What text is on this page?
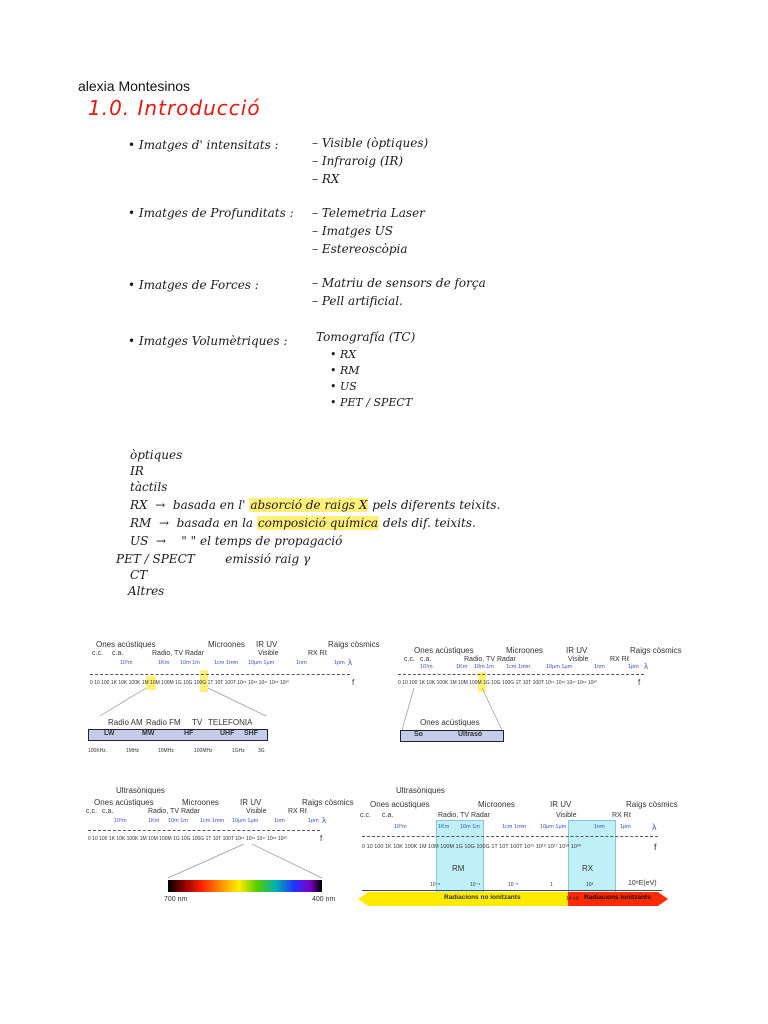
alexia Montesinos
1.0. Introducció
• Imatges d' intensitats :	– Visible (òptiques)
– Infraroig (IR)
– RX
• Imatges de Profunditats : – Telemetria Laser
– Imatges US
– Estereoscòpia
• Imatges de Forces :	– Matriu de sensors de força
– Pell artificial.
• Imatges Volumètriques : Tomografía (TC)
• RX
• RM
• US
• PET / SPECT
òptiques
IR
tàctils
RX  →  basada en l' absorció de raigs X pels diferents teixits.
RM  →  basada en la composició química dels dif. teixits.
US  →    " " el temps de propagació
PET / SPECT	emissió raig γ
CT
Altres
Ones acústiques	Microones IR UV	Raigs còsmics
c.c. c.a.	Radio, TV Radar	Visible	RX Rℓ
10²m	1Km 10m 1m	1cm 1mm 10μm 1μm	1nm	1pm λ
0 10 100 1K 10K 100K 1M 10M 100M 1G 10G 100G 1T 10T 100T 10¹⁵ 10¹⁶ 10¹⁷ 10¹⁸ 10²⁰	f
Radio AM Radio FM TV TELEFONIA
LW	MW	HF	UHF SHF
100KHz.	1MHz	10MHz	100MHz	1GHz	3G
Ones acústiques	Microones	IR UV	Raigs còsmics
c.c. c.a.	Radio, TV Radar	Visible	RX Rℓ
10²m	1Km 10m 1m 1cm 1mm	10μm 1μm	1nm	1pm λ
0 10 100 1K 10K 100K 1M 10M 100M 1G 10G 100G 1T 10T 100T 10¹⁵ 10¹⁶ 10¹⁷ 10¹⁸ 10²⁰	f
Ones acústiques
So	Ultrasò
Ultrasòniques
Ones acústiques	Microones	IR UV	Raigs còsmics
c.c. c.a.	Radio, TV Radar	Visible	RX Rℓ
10²m	1Km 10m 1m 1cm 1mm 10μm 1μm	1nm	1pm λ
0 10 100 1K 10K 100K 1M 10M 100M 1G 10G 100G 1T 10T 100T 10¹⁵ 10¹⁶ 10¹⁷ 10¹⁸ 10²⁰	f
700 nm	400 nm
Ultrasòniques
Ones acústiques	Microones	IR UV	Raigs còsmics
c.c. c.a.	Radio, TV Radar	Visible	RX Rℓ
10²m	1Km 10m 1m	1cm 1mm	10μm 1μm	1nm	1pm λ
0 10 100 1K 10K 100K 1M 10M 100M 1G 10G 100G 1T 10T 100T 10¹⁵ 10¹⁶ 10¹⁷ 10¹⁸ 10²⁰	f
RM	RX
10⁻⁸	10⁻⁶	10⁻³	1	10³	10⁸E(eV)
Radiacions no ionitzants	14 eV Radiacions ionitzants
